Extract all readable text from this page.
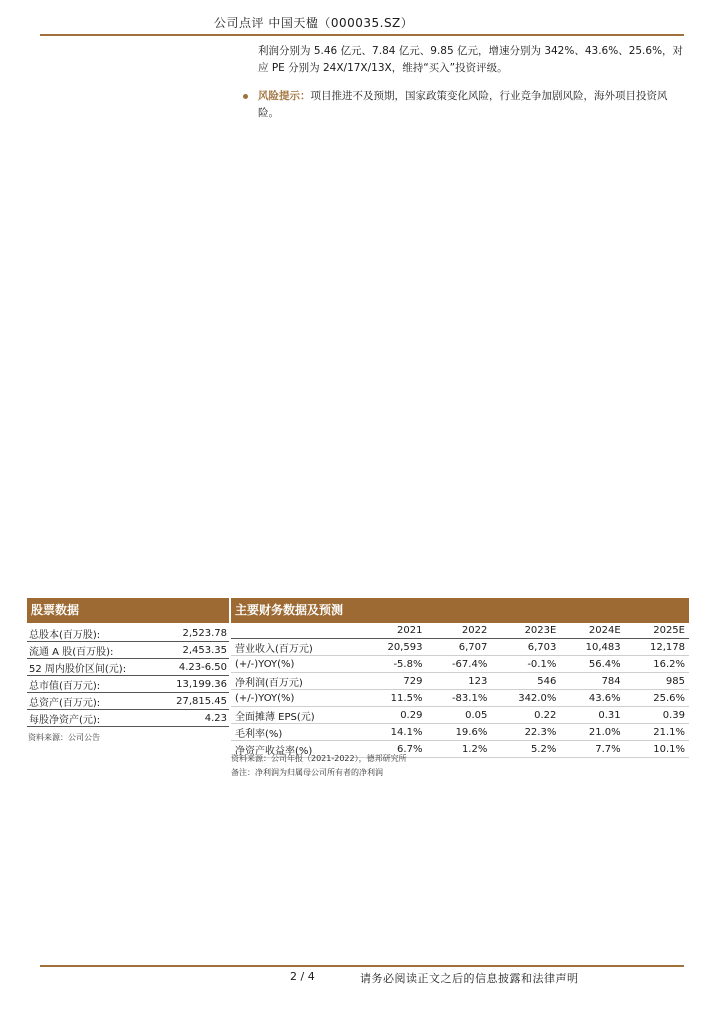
公司点评 中国天楹（000035.SZ）
利润分别为 5.46 亿元、7.84 亿元、9.85 亿元，增速分别为 342%、43.6%、25.6%，对应 PE 分别为 24X/17X/13X，维持“买入”投资评级。
风险提示：项目推进不及预期，国家政策变化风险，行业竞争加剧风险，海外项目投资风险。
股票数据	主要财务数据及预测
总股本(百万股):	2,523.78
流通 A 股(百万股):	2,453.35
52 周内股价区间(元):	4.23-6.50
总市值(百万元):	13,199.36
总资产(百万元):	27,815.45
每股净资产(元):	4.23
资料来源：公司公告
	2021	2022	2023E	2024E	2025E
营业收入(百万元)	20,593	6,707	6,703	10,483	12,178
(+/-)YOY(%)	-5.8%	-67.4%	-0.1%	56.4%	16.2%
净利润(百万元)	729	123	546	784	985
(+/-)YOY(%)	11.5%	-83.1%	342.0%	43.6%	25.6%
全面摊薄 EPS(元)	0.29	0.05	0.22	0.31	0.39
毛利率(%)	14.1%	19.6%	22.3%	21.0%	21.1%
净资产收益率(%)	6.7%	1.2%	5.2%	7.7%	10.1%
资料来源：公司年报（2021-2022），德邦研究所
备注：净利润为归属母公司所有者的净利润
2 / 4	请务必阅读正文之后的信息披露和法律声明
